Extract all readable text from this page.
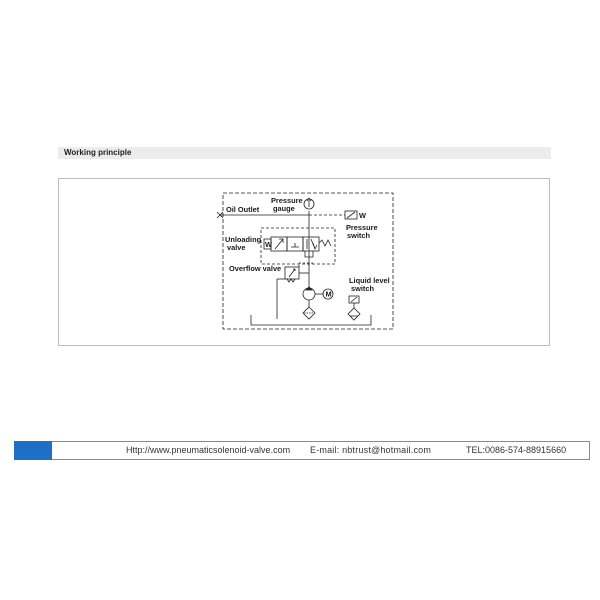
Working principle
Pressure
gauge
Oil Outlet
Pressure
switch
Unloading
valve
Overflow valve
Liquid level
switch
W
W
M
Http://www.pneumaticsolenoid-valve.com E-mail: nbtrust@hotmail.com	TEL:0086-574-88915660
